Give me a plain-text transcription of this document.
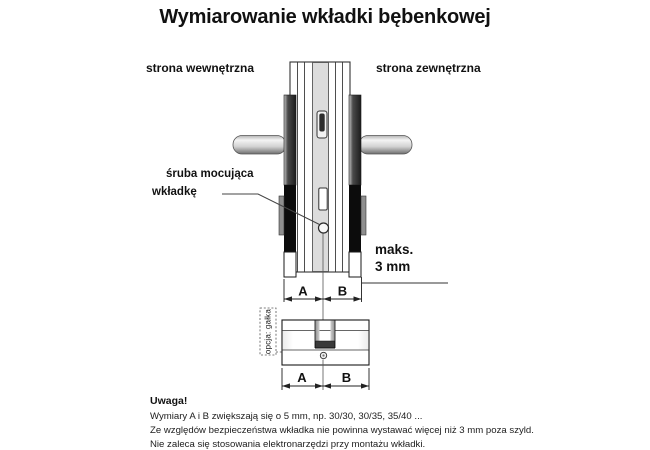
Wymiarowanie wkładki bębenkowej
strona wewnętrzna	strona zewnętrzna
śruba mocująca
wkładkę
maks.
3 mm
A B
opcja: gałka
A	B
Uwaga!
Wymiary A i B zwiększają się o 5 mm, np. 30/30, 30/35, 35/40 ...
Ze względów bezpieczeństwa wkładka nie powinna wystawać więcej niż 3 mm poza szyld.
Nie zaleca się stosowania elektronarzędzi przy montażu wkładki.
